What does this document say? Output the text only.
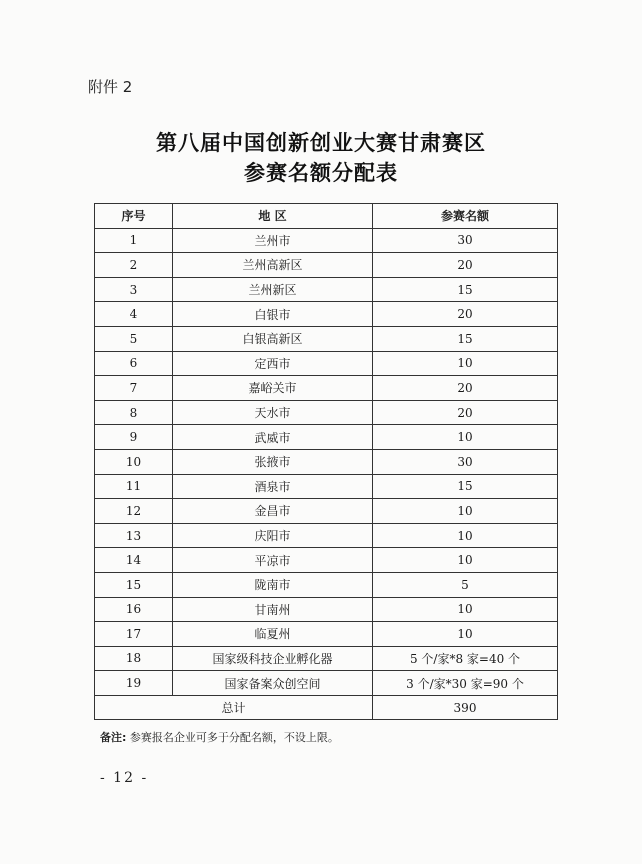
附件 2
第八届中国创新创业大赛甘肃赛区
参赛名额分配表
序号	地 区	参赛名额
1	兰州市	30
2	兰州高新区	20
3	兰州新区	15
4	白银市	20
5	白银高新区	15
6	定西市	10
7	嘉峪关市	20
8	天水市	20
9	武威市	10
10	张掖市	30
11	酒泉市	15
12	金昌市	10
13	庆阳市	10
14	平凉市	10
15	陇南市	5
16	甘南州	10
17	临夏州	10
18	国家级科技企业孵化器	5 个/家*8 家=40 个
19	国家备案众创空间	3 个/家*30 家=90 个
总计		390
备注: 参赛报名企业可多于分配名额，不设上限。
- 12 -
